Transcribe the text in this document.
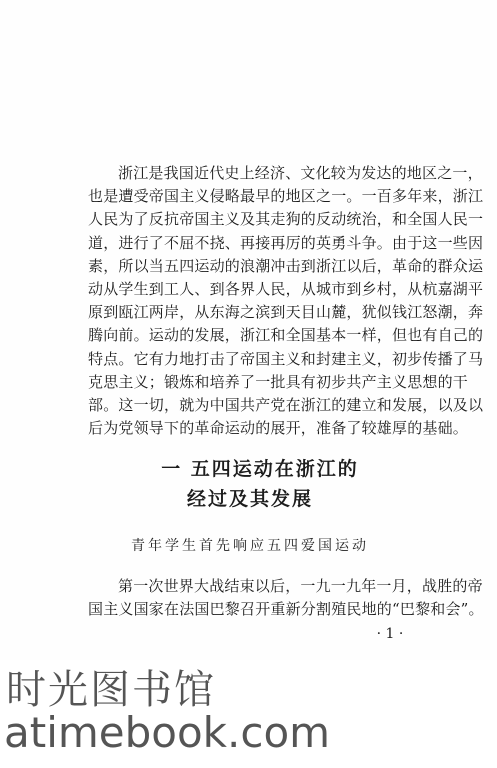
浙江是我国近代史上经济、文化较为发达的地区之一，
也是遭受帝国主义侵略最早的地区之一。一百多年来，浙江
人民为了反抗帝国主义及其走狗的反动统治，和全国人民一
道，进行了不屈不挠、再接再厉的英勇斗争。由于这一些因
素，所以当五四运动的浪潮冲击到浙江以后，革命的群众运
动从学生到工人、到各界人民，从城市到乡村，从杭嘉湖平
原到瓯江两岸，从东海之滨到天目山麓，犹似钱江怒潮，奔
腾向前。运动的发展，浙江和全国基本一样，但也有自己的
特点。它有力地打击了帝国主义和封建主义，初步传播了马
克思主义；锻炼和培养了一批具有初步共产主义思想的干
部。这一切，就为中国共产党在浙江的建立和发展，以及以
后为党领导下的革命运动的展开，准备了较雄厚的基础。
一 五四运动在浙江的
经过及其发展
青年学生首先响应五四爱国运动
第一次世界大战结束以后，一九一九年一月，战胜的帝
国主义国家在法国巴黎召开重新分割殖民地的“巴黎和会”。
· 1 ·
时光图书馆
atimebook.com
